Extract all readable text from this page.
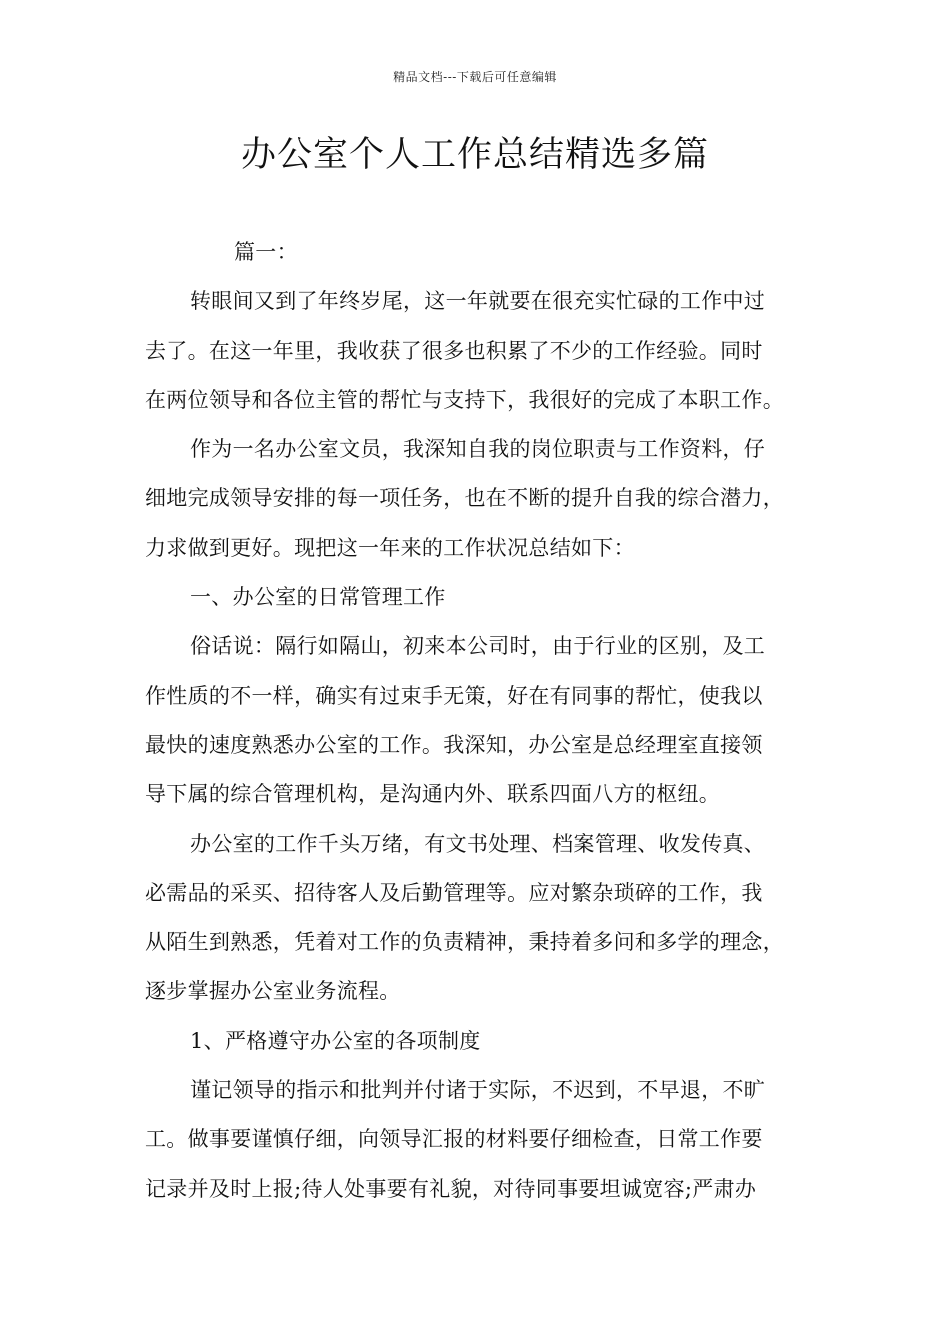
精品文档---下载后可任意编辑
办公室个人工作总结精选多篇
篇一：
转眼间又到了年终岁尾，这一年就要在很充实忙碌的工作中过
去了。在这一年里，我收获了很多也积累了不少的工作经验。同时
在两位领导和各位主管的帮忙与支持下，我很好的完成了本职工作。
作为一名办公室文员，我深知自我的岗位职责与工作资料，仔
细地完成领导安排的每一项任务，也在不断的提升自我的综合潜力，
力求做到更好。现把这一年来的工作状况总结如下：
一、办公室的日常管理工作
俗话说：隔行如隔山，初来本公司时，由于行业的区别，及工
作性质的不一样，确实有过束手无策，好在有同事的帮忙，使我以
最快的速度熟悉办公室的工作。我深知，办公室是总经理室直接领
导下属的综合管理机构，是沟通内外、联系四面八方的枢纽。
办公室的工作千头万绪，有文书处理、档案管理、收发传真、
必需品的采买、招待客人及后勤管理等。应对繁杂琐碎的工作，我
从陌生到熟悉，凭着对工作的负责精神，秉持着多问和多学的理念，
逐步掌握办公室业务流程。
1、严格遵守办公室的各项制度
谨记领导的指示和批判并付诸于实际，不迟到，不早退，不旷
工。做事要谨慎仔细，向领导汇报的材料要仔细检查，日常工作要
记录并及时上报;待人处事要有礼貌，对待同事要坦诚宽容;严肃办
